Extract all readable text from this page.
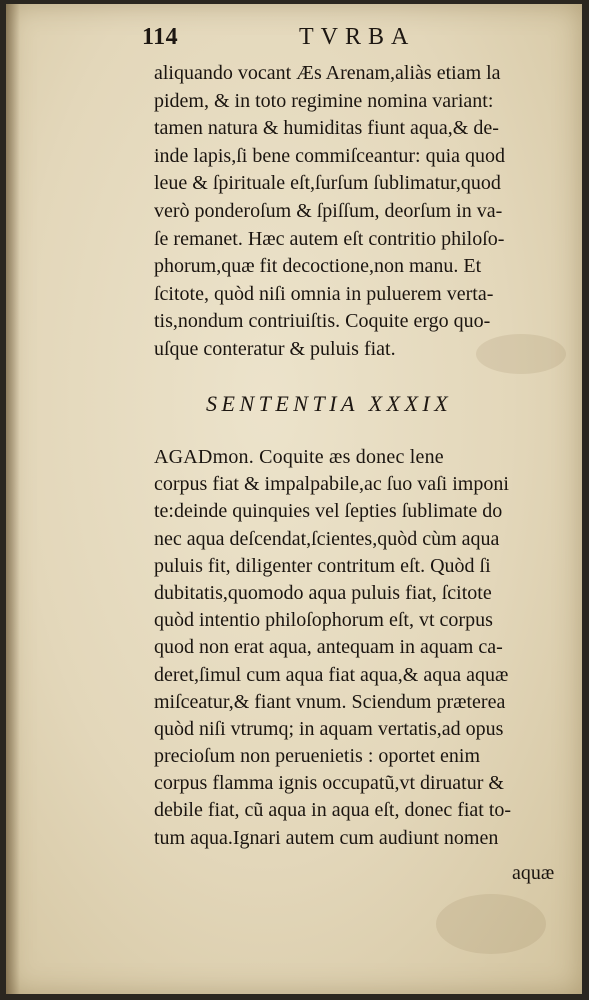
114	TVRBA
aliquando vocant Æs Arenam,aliàs etiam la
pidem, & in toto regimine nomina variant:
tamen natura & humiditas fiunt aqua,& de-
inde lapis,ſi bene commiſceantur: quia quod
leue & ſpirituale eſt,ſurſum ſublimatur,quod
verò ponderoſum & ſpiſſum, deorſum in va-
ſe remanet. Hæc autem eſt contritio philoſo-
phorum,quæ fit decoctione,non manu. Et
ſcitote, quòd niſi omnia in puluerem verta-
tis,nondum contriuiſtis. Coquite ergo quo-
uſque conteratur & puluis fiat.
SENTENTIA XXXIX
AGADmon. Coquite æs donec lene
corpus fiat & impalpabile,ac ſuo vaſi imponi
te:deinde quinquies vel ſepties ſublimate do
nec aqua deſcendat,ſcientes,quòd cùm aqua
puluis fit, diligenter contritum eſt. Quòd ſi
dubitatis,quomodo aqua puluis fiat, ſcitote
quòd intentio philoſophorum eſt, vt corpus
quod non erat aqua, antequam in aquam ca-
deret,ſimul cum aqua fiat aqua,& aqua aquæ
miſceatur,& fiant vnum. Sciendum præterea
quòd niſi vtrumq; in aquam vertatis,ad opus
precioſum non peruenietis : oportet enim
corpus flamma ignis occupatũ,vt diruatur &
debile fiat, cũ aqua in aqua eſt, donec fiat to-
tum aqua.Ignari autem cum audiunt nomen
aquæ
